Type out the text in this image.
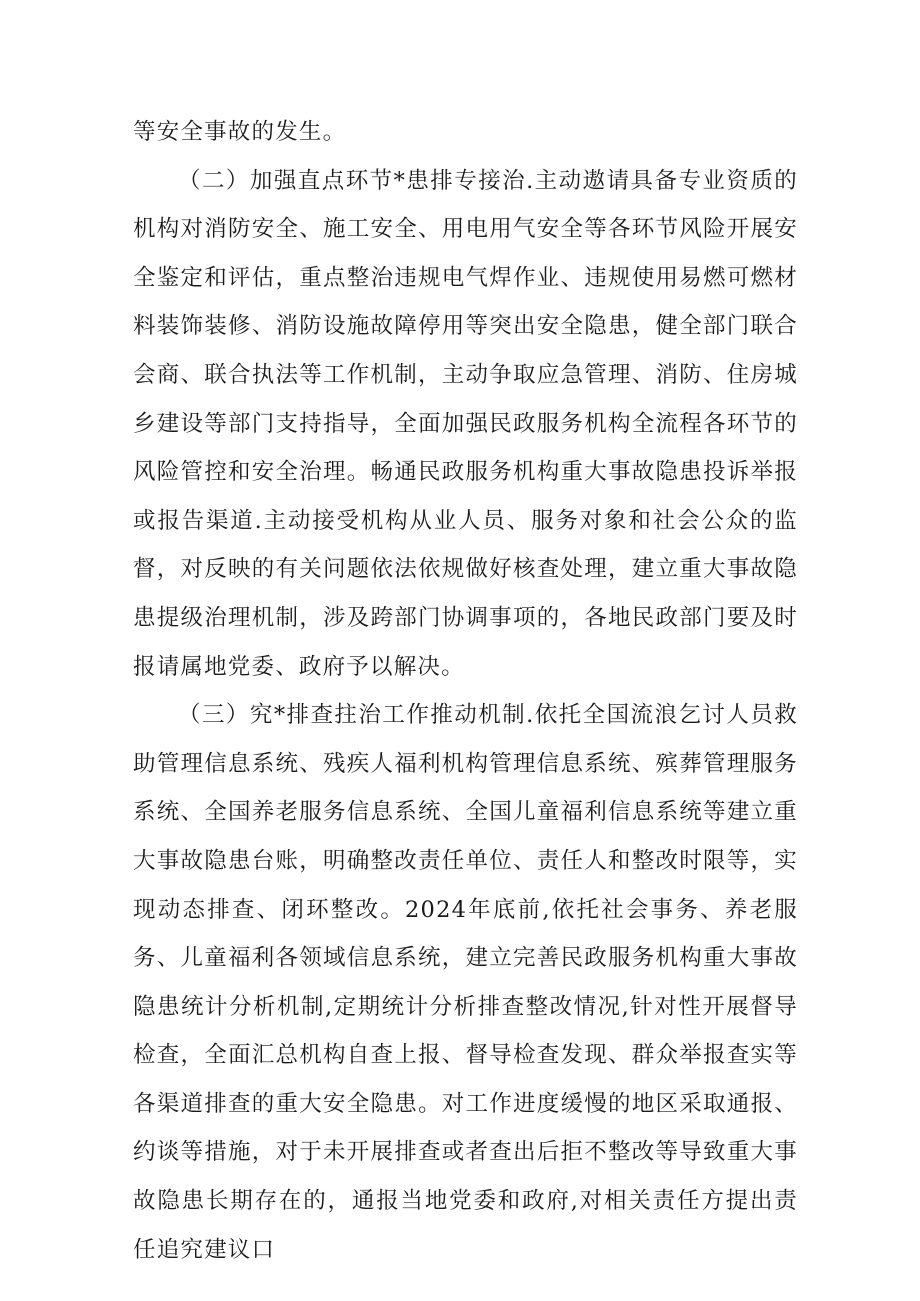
等安全事故的发生。

（二）加强直点环节*患排专接治.主动遨请具备专业资质的机构对消防安全、施工安全、用电用气安全等各环节风险开展安全鉴定和评估，重点整治违规电气焊作业、违规使用易燃可燃材料装饰装修、消防设施故障停用等突出安全隐患，健全部门联合会商、联合执法等工作机制，主动争取应急管理、消防、住房城乡建设等部门支持指导，全面加强民政服务机构全流程各环节的风险管控和安全治理。畅通民政服务机构重大事故隐患投诉举报或报告渠道.主动接受机构从业人员、服务对象和社会公众的监督，对反映的有关问题依法依规做好核查处理，建立重大事故隐患提级治理机制，涉及跨部门协调事项的，各地民政部门要及时报请属地党委、政府予以解决。

（三）究*排查拄治工作推动机制.依托全国流浪乞讨人员救助管理信息系统、残疾人福利机构管理信息系统、殡葬管理服务系统、全国养老服务信息系统、全国儿童福利信息系统等建立重大事故隐患台账，明确整改责任单位、责任人和整改时限等，实现动态排查、闭环整改。2024年底前,依托社会事务、养老服务、儿童福利各领域信息系统，建立完善民政服务机构重大事故隐患统计分析机制,定期统计分析排查整改情况,针对性开展督导检查，全面汇总机构自查上报、督导检查发现、群众举报查实等各渠道排查的重大安全隐患。对工作进度缓慢的地区采取通报、约谈等措施，对于未开展排查或者查出后拒不整改等导致重大事故隐患长期存在的，通报当地党委和政府,对相关责任方提出责任追究建议口
